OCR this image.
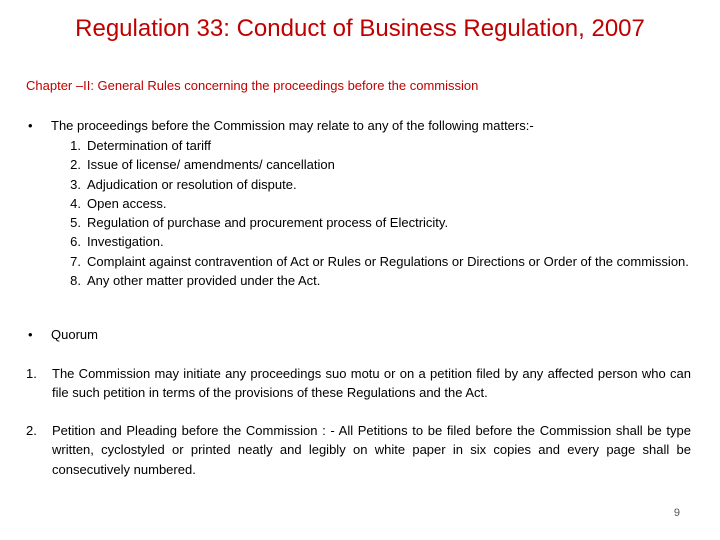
Regulation 33: Conduct of Business Regulation, 2007
Chapter –II: General Rules concerning the proceedings before the commission
• The proceedings before the Commission may relate to any of the following matters:-
1. Determination of tariff
2. Issue of license/ amendments/ cancellation
3. Adjudication or resolution of dispute.
4. Open access.
5. Regulation of purchase and procurement process of Electricity.
6. Investigation.
7. Complaint against contravention of Act or Rules or Regulations or Directions or Order of the commission.
8. Any other matter provided under the Act.
• Quorum
1.	The Commission may initiate any proceedings suo motu or on a petition filed by any affected person who can file such petition in terms of the provisions of these Regulations and the Act.
2.	Petition and Pleading before the Commission : - All Petitions to be filed before the Commission shall be type written, cyclostyled or printed neatly and legibly on white paper in six copies and every page shall be consecutively numbered.
9
